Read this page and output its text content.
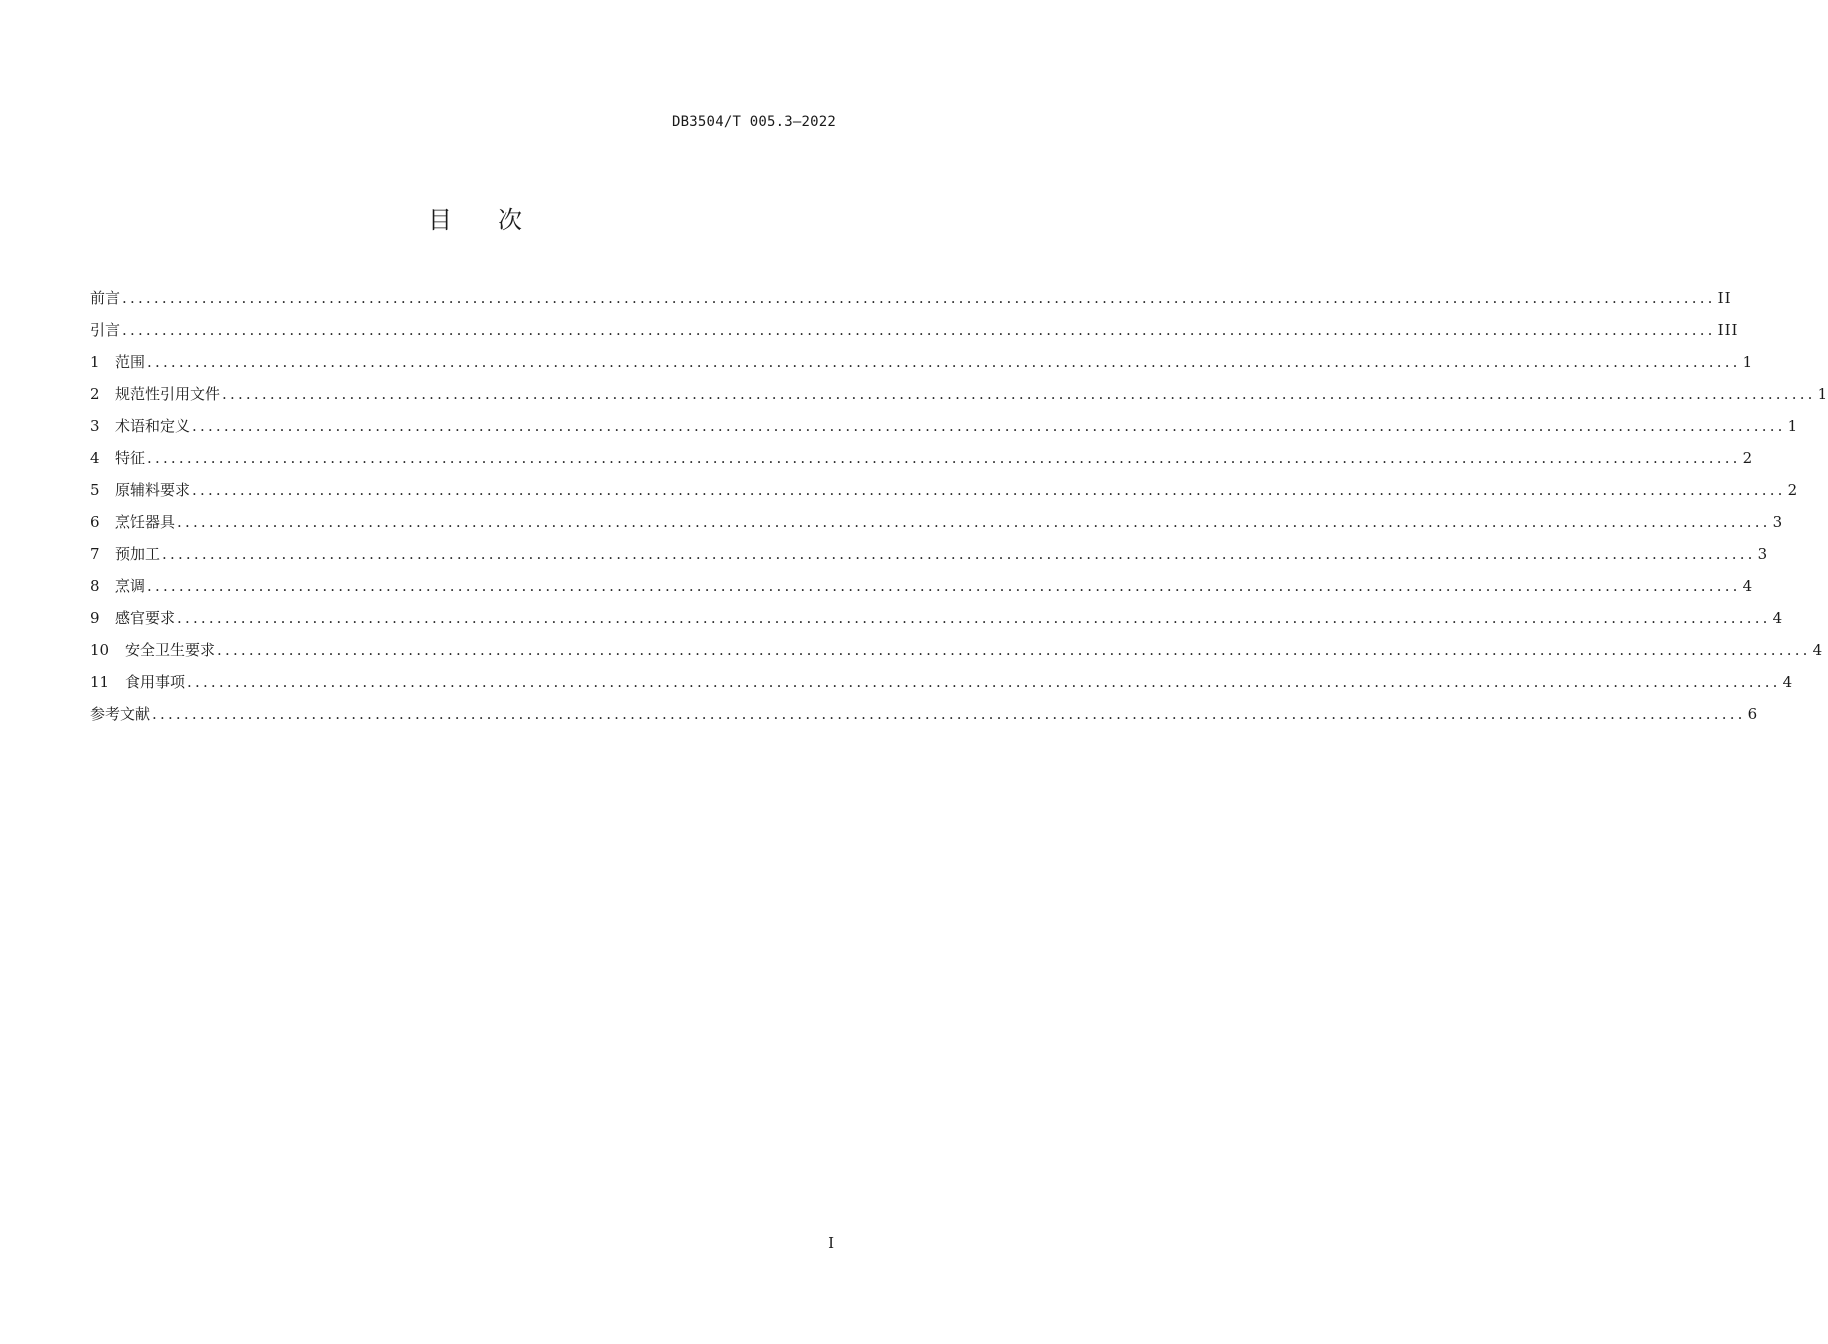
DB3504/T 005.3—2022
目次
前言 ........................................................................................................................................................................................................ II
引言 ........................................................................................................................................................................................................ III
1	范围 ........................................................................................................................................................................................................ 1
2	规范性引用文件 ........................................................................................................................................................................................................ 1
3	术语和定义 ........................................................................................................................................................................................................ 1
4	特征 ........................................................................................................................................................................................................ 2
5	原辅料要求 ........................................................................................................................................................................................................ 2
6	烹饪器具 ........................................................................................................................................................................................................ 3
7	预加工 ........................................................................................................................................................................................................ 3
8	烹调 ........................................................................................................................................................................................................ 4
9	感官要求 ........................................................................................................................................................................................................ 4
10	安全卫生要求 ........................................................................................................................................................................................................ 4
11	食用事项 ........................................................................................................................................................................................................ 4
参考文献 ........................................................................................................................................................................................................ 6
I
